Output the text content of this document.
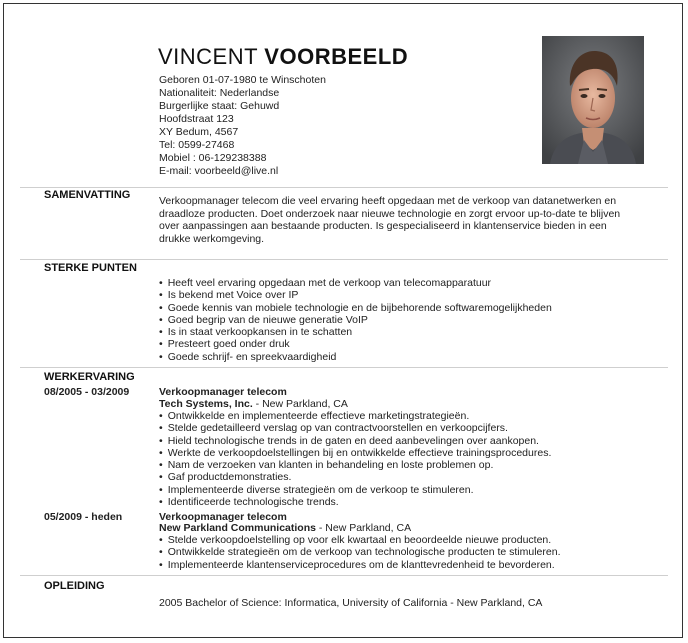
VINCENT VOORBEELD
Geboren 01-07-1980 te Winschoten
Nationaliteit: Nederlandse
Burgerlijke staat: Gehuwd
Hoofdstraat 123
XY Bedum, 4567
Tel: 0599-27468
Mobiel : 06-129238388
E-mail: voorbeeld@live.nl
SAMENVATTING	Verkoopmanager telecom die veel ervaring heeft opgedaan met de verkoop van datanetwerken en draadloze producten. Doet onderzoek naar nieuwe technologie en zorgt ervoor up-to-date te blijven over aanpassingen aan bestaande producten. Is gespecialiseerd in klantenservice bieden in een drukke werkomgeving.
STERKE PUNTEN
• Heeft veel ervaring opgedaan met de verkoop van telecomapparatuur
• Is bekend met Voice over IP
• Goede kennis van mobiele technologie en de bijbehorende softwaremogelijkheden
• Goed begrip van de nieuwe generatie VoIP
• Is in staat verkoopkansen in te schatten
• Presteert goed onder druk
• Goede schrijf- en spreekvaardigheid
WERKERVARING
08/2005 - 03/2009	Verkoopmanager telecom
Tech Systems, Inc. - New Parkland, CA
• Ontwikkelde en implementeerde effectieve marketingstrategieën.
• Stelde gedetailleerd verslag op van contractvoorstellen en verkoopcijfers.
• Hield technologische trends in de gaten en deed aanbevelingen over aankopen.
• Werkte de verkoopdoelstellingen bij en ontwikkelde effectieve trainingsprocedures.
• Nam de verzoeken van klanten in behandeling en loste problemen op.
• Gaf productdemonstraties.
• Implementeerde diverse strategieën om de verkoop te stimuleren.
• Identificeerde technologische trends.
05/2009 - heden	Verkoopmanager telecom
New Parkland Communications - New Parkland, CA
• Stelde verkoopdoelstelling op voor elk kwartaal en beoordeelde nieuwe producten.
• Ontwikkelde strategieën om de verkoop van technologische producten te stimuleren.
• Implementeerde klantenserviceprocedures om de klanttevredenheid te bevorderen.
OPLEIDING
2005 Bachelor of Science: Informatica, University of California - New Parkland, CA
